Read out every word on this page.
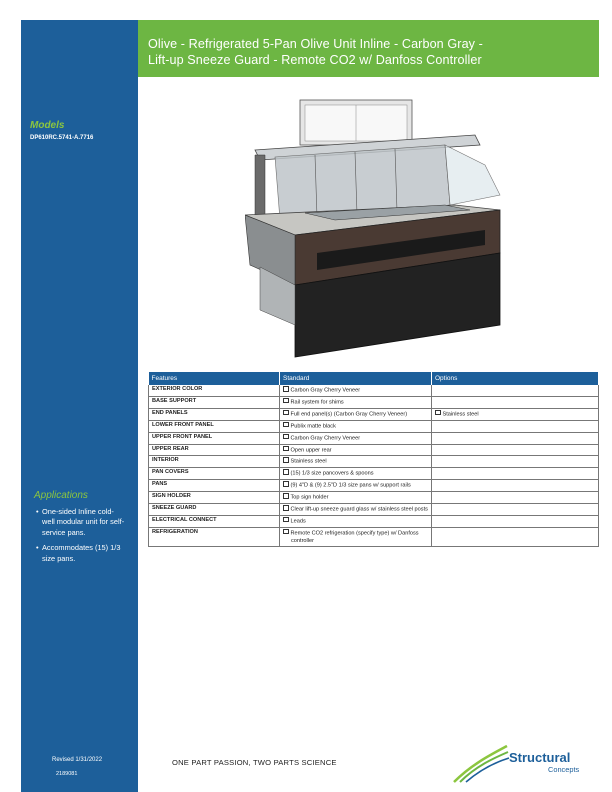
Olive - Refrigerated 5-Pan Olive Unit Inline - Carbon Gray -
Lift-up Sneeze Guard - Remote CO2 w/ Danfoss Controller
Models
DP610RC.5741-A.7716
Applications
• One-sided Inline cold-well modular unit for self-service pans.
• Accommodates (15) 1/3 size pans.
Revised 1/31/2022
2189081
Features	Standard	Options
EXTERIOR COLOR	Carbon Gray Cherry Veneer	

BASE SUPPORT	Rail system for shims	

END PANELS	Full end panel(s) (Carbon Gray Cherry Veneer)	Stainless steel
LOWER FRONT PANEL	Publix matte black	

UPPER FRONT PANEL	Carbon Gray Cherry Veneer	

UPPER REAR	Open upper rear	

INTERIOR	Stainless steel	

PAN COVERS	(15) 1/3 size pancovers & spoons	

PANS	(9) 4"D & (9) 2.5"D 1/3 size pans w/ support rails	

SIGN HOLDER	Top sign holder	

SNEEZE GUARD	Clear lift-up sneeze guard glass w/ stainless steel posts	

ELECTRICAL CONNECT	Leads	

REFRIGERATION	Remote CO2 refrigeration (specify type) w/ Danfoss controller	

ONE PART PASSION, TWO PARTS SCIENCE	Structural
Concepts
